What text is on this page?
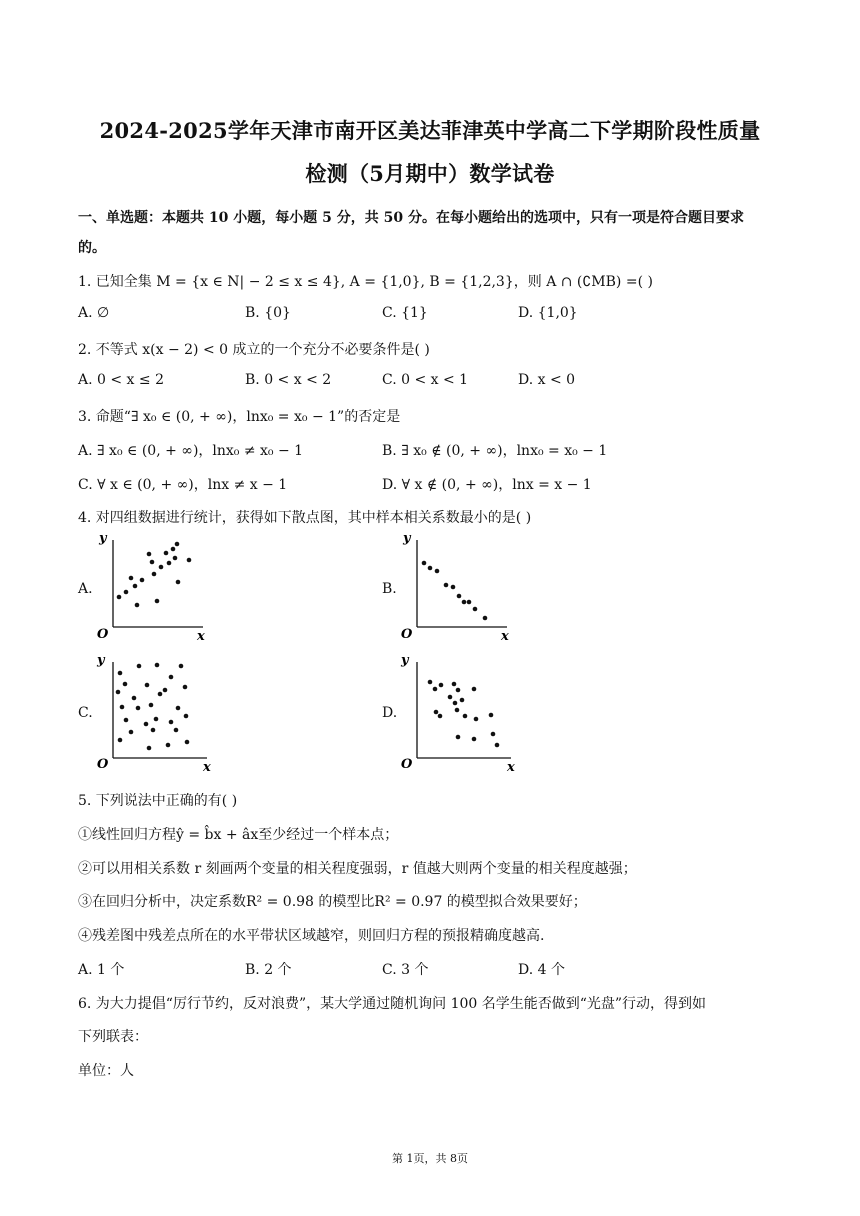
2024-2025学年天津市南开区美达菲津英中学高二下学期阶段性质量
检测（5月期中）数学试卷
一、单选题：本题共 10 小题，每小题 5 分，共 50 分。在每小题给出的选项中，只有一项是符合题目要求
的。
1. 已知全集 M = {x ∈ N| − 2 ≤ x ≤ 4}, A = {1,0}, B = {1,2,3}，则 A ∩ (∁MB) =( )
A. ∅	B. {0}	C. {1}	D. {1,0}
2. 不等式 x(x − 2) < 0 成立的一个充分不必要条件是( )
A. 0 < x ≤ 2	B. 0 < x < 2	C. 0 < x < 1	D. x < 0
3. 命题“∃ x₀ ∈ (0, + ∞)，lnx₀ = x₀ − 1”的否定是
A. ∃ x₀ ∈ (0, + ∞)，lnx₀ ≠ x₀ − 1	B. ∃ x₀ ∉ (0, + ∞)，lnx₀ = x₀ − 1
C. ∀ x ∈ (0, + ∞)，lnx ≠ x − 1	D. ∀ x ∉ (0, + ∞)，lnx = x − 1
4. 对四组数据进行统计，获得如下散点图，其中样本相关系数最小的是( )
A.	B.
C.	D.
y
O	x
y
O	x
y
O	x
y
O	x
5. 下列说法中正确的有( )
①线性回归方程ŷ = b̂x + âx至少经过一个样本点；
②可以用相关系数 r 刻画两个变量的相关程度强弱，r 值越大则两个变量的相关程度越强；
③在回归分析中，决定系数R² = 0.98 的模型比R² = 0.97 的模型拟合效果要好；
④残差图中残差点所在的水平带状区域越窄，则回归方程的预报精确度越高.
A. 1 个	B. 2 个	C. 3 个	D. 4 个
6. 为大力提倡“厉行节约，反对浪费”，某大学通过随机询问 100 名学生能否做到“光盘”行动，得到如
下列联表：
单位：人
第 1页，共 8页
